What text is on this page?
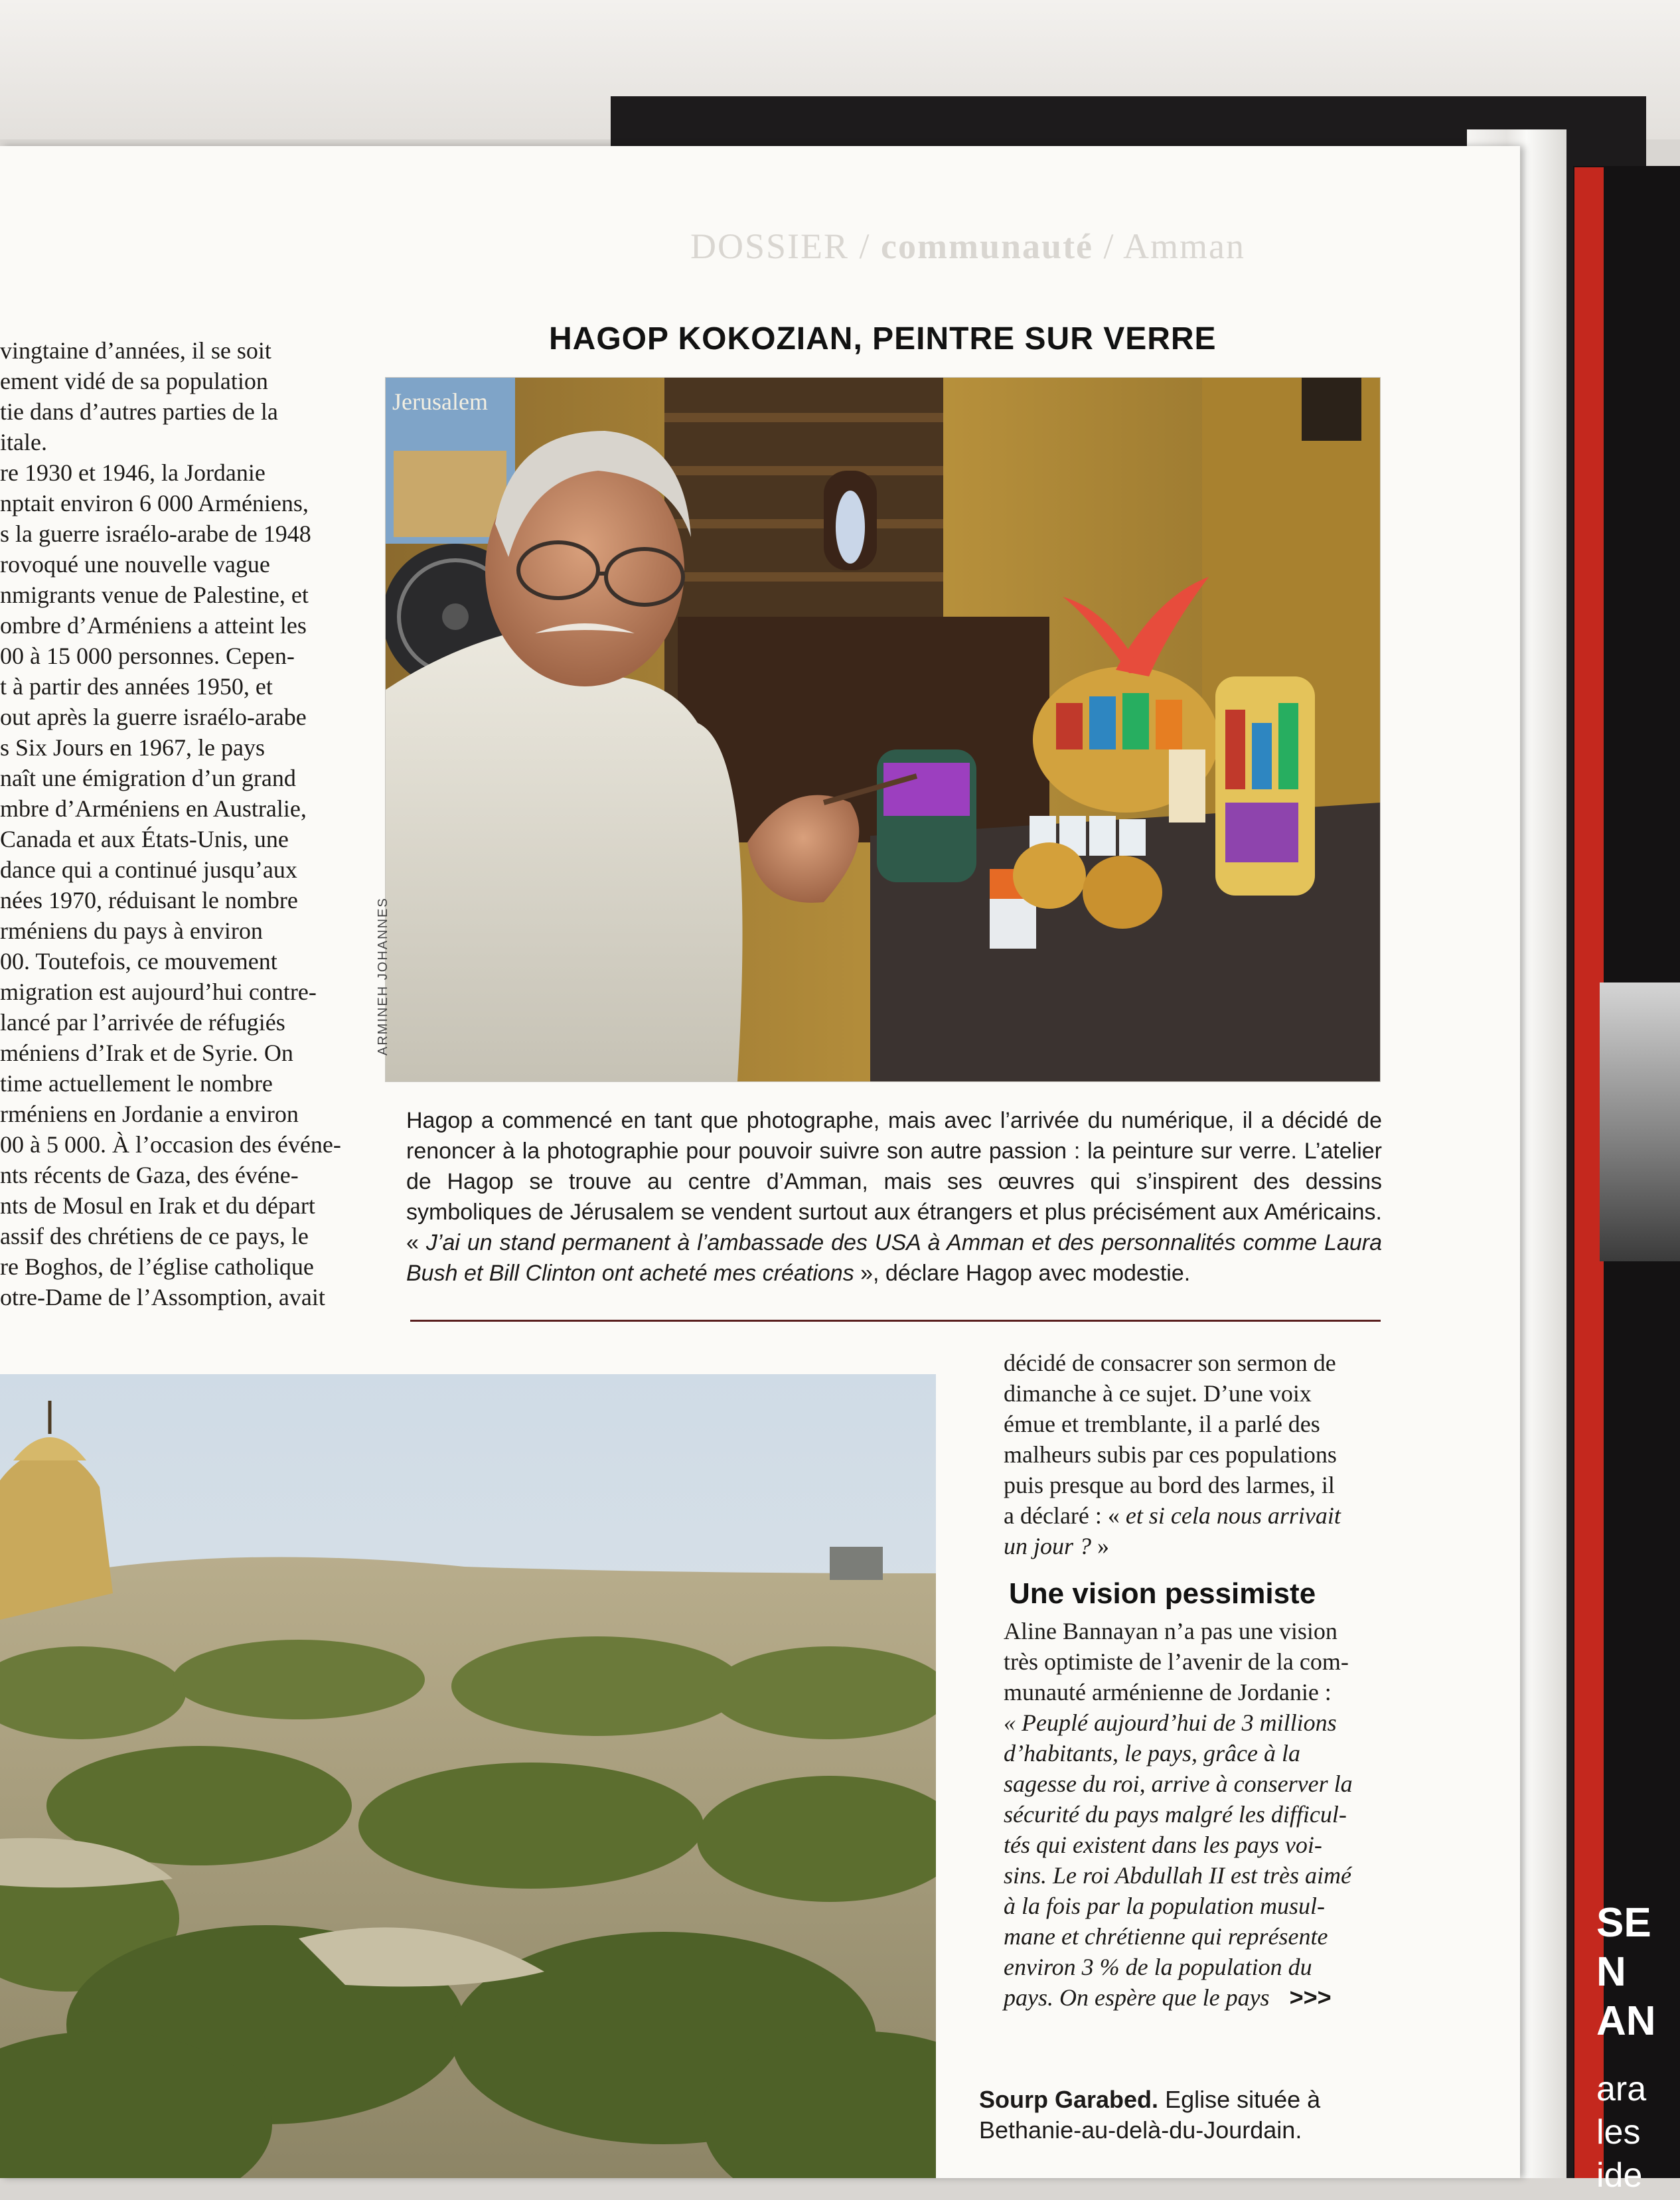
SE
N
AN
ara
les
ide
DOSSIER / communauté / Amman
vingtaine d’années, il se soit
ement vidé de sa population
tie dans d’autres parties de la
itale.
re 1930 et 1946, la Jordanie
nptait environ 6 000 Arméniens,
s la guerre israélo-arabe de 1948
rovoqué une nouvelle vague
nmigrants venue de Palestine, et
ombre d’Arméniens a atteint les
00 à 15 000 personnes. Cepen-
t à partir des années 1950, et
out après la guerre israélo-arabe
s Six Jours en 1967, le pays
naît une émigration d’un grand
mbre d’Arméniens en Australie,
Canada et aux États-Unis, une
dance qui a continué jusqu’aux
nées 1970, réduisant le nombre
rméniens du pays à environ
00. Toutefois, ce mouvement
migration est aujourd’hui contre-
lancé par l’arrivée de réfugiés
méniens d’Irak et de Syrie. On
time actuellement le nombre
rméniens en Jordanie a environ
00 à 5 000. À l’occasion des événe-
nts récents de Gaza, des événe-
nts de Mosul en Irak et du départ
assif des chrétiens de ce pays, le
re Boghos, de l’église catholique
otre-Dame de l’Assomption, avait
HAGOP KOKOZIAN, PEINTRE SUR VERRE
Jerusalem
ARMINEH JOHANNES
Hagop a commencé en tant que photographe, mais avec l’arrivée du numérique, il a décidé de renoncer à la photographie pour pouvoir suivre son autre passion : la peinture sur verre. L’atelier de Hagop se trouve au centre d’Amman, mais ses œuvres qui s’inspirent des dessins symboliques de Jérusalem se vendent surtout aux étrangers et plus précisément aux Américains. « J’ai un stand permanent à l’ambassade des USA à Amman et des personnalités comme Laura Bush et Bill Clinton ont acheté mes créations », déclare Hagop avec modestie.
décidé de consacrer son sermon de
dimanche à ce sujet. D’une voix
émue et tremblante, il a parlé des
malheurs subis par ces populations
puis presque au bord des larmes, il
a déclaré : « et si cela nous arrivait
un jour ? »
Une vision pessimiste
Aline Bannayan n’a pas une vision
très optimiste de l’avenir de la com-
munauté arménienne de Jordanie :
« Peuplé aujourd’hui de 3 millions
d’habitants, le pays, grâce à la
sagesse du roi, arrive à conserver la
sécurité du pays malgré les difficul-
tés qui existent dans les pays voi-
sins. Le roi Abdullah II est très aimé
à la fois par la population musul-
mane et chrétienne qui représente
environ 3 % de la population du
pays. On espère que le pays >>>
Sourp Garabed. Eglise située à
Bethanie-au-delà-du-Jourdain.
